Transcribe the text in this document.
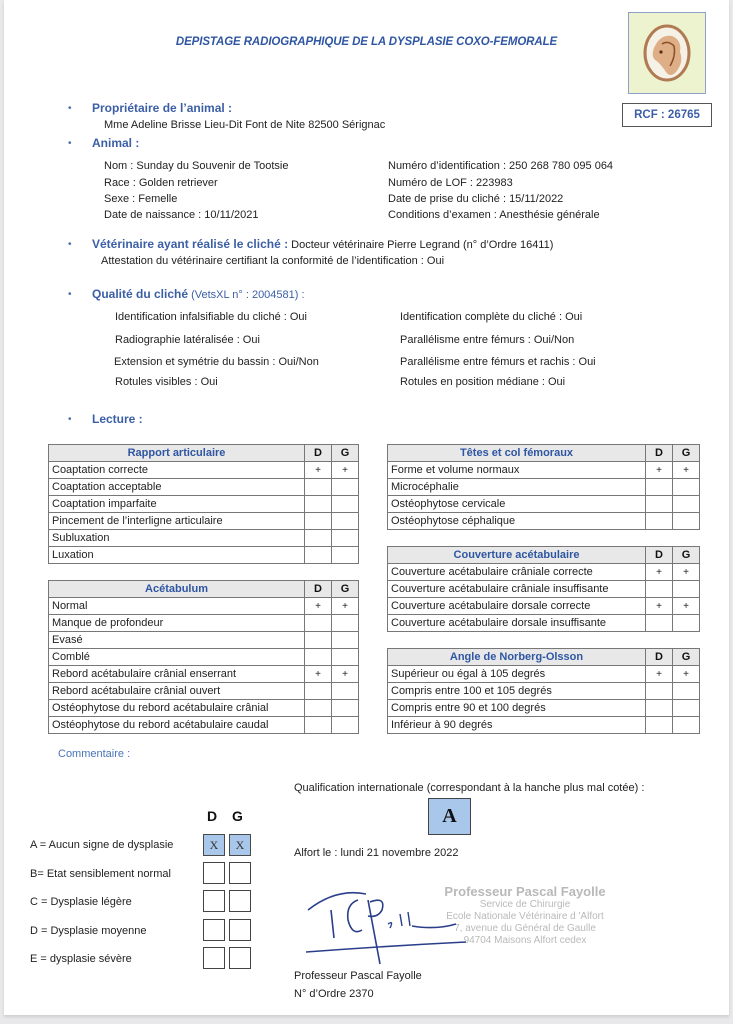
DEPISTAGE RADIOGRAPHIQUE DE LA DYSPLASIE COXO-FEMORALE
RCF : 26765
• Propriétaire de l’animal :
Mme Adeline Brisse Lieu-Dit Font de Nite 82500 Sérignac
• Animal :
Nom : Sunday du Souvenir de Tootsie
Race : Golden retriever
Sexe : Femelle
Date de naissance : 10/11/2021
Numéro d’identification : 250 268 780 095 064
Numéro de LOF : 223983
Date de prise du cliché : 15/11/2022
Conditions d’examen : Anesthésie générale
• Vétérinaire ayant réalisé le cliché : Docteur vétérinaire Pierre Legrand (n° d’Ordre 16411)
Attestation du vétérinaire certifiant la conformité de l’identification : Oui
• Qualité du cliché (VetsXL n° : 2004581) :
Identification infalsifiable du cliché : Oui
Radiographie latéralisée : Oui
Extension et symétrie du bassin : Oui/Non
Rotules visibles : Oui
Identification complète du cliché : Oui
Parallélisme entre fémurs : Oui/Non
Parallélisme entre fémurs et rachis : Oui
Rotules en position médiane : Oui
• Lecture :
Rapport articulaire	D	G
Coaptation correcte	+	+
Coaptation acceptable		
Coaptation imparfaite		
Pincement de l’interligne articulaire		
Subluxation		
Luxation		
Acétabulum	D	G
Normal	+	+
Manque de profondeur		
Evasé		
Comblé		
Rebord acétabulaire crânial enserrant	+	+
Rebord acétabulaire crânial ouvert		
Ostéophytose du rebord acétabulaire crânial		
Ostéophytose du rebord acétabulaire caudal		
Têtes et col fémoraux	D	G
Forme et volume normaux	+	+
Microcéphalie		
Ostéophytose cervicale		
Ostéophytose céphalique		
Couverture acétabulaire	D	G
Couverture acétabulaire crâniale correcte	+	+
Couverture acétabulaire crâniale insuffisante		
Couverture acétabulaire dorsale correcte	+	+
Couverture acétabulaire dorsale insuffisante		
Angle de Norberg-Olsson	D	G
Supérieur ou égal à 105 degrés	+	+
Compris entre 100 et 105 degrés		
Compris entre 90 et 100 degrés		
Inférieur à 90 degrés		
Commentaire :
D G
A = Aucun signe de dysplasie	X	X
B= Etat sensiblement normal
C = Dysplasie légère
D = Dysplasie moyenne
E = dysplasie sévère
Qualification internationale (correspondant à la hanche plus mal cotée) :
A
Alfort le : lundi 21 novembre 2022
Professeur Pascal Fayolle
Service de Chirurgie
Ecole Nationale Vétérinaire d 'Alfort
7, avenue du Général de Gaulle
94704 Maisons Alfort cedex
Professeur Pascal Fayolle
N° d’Ordre 2370
